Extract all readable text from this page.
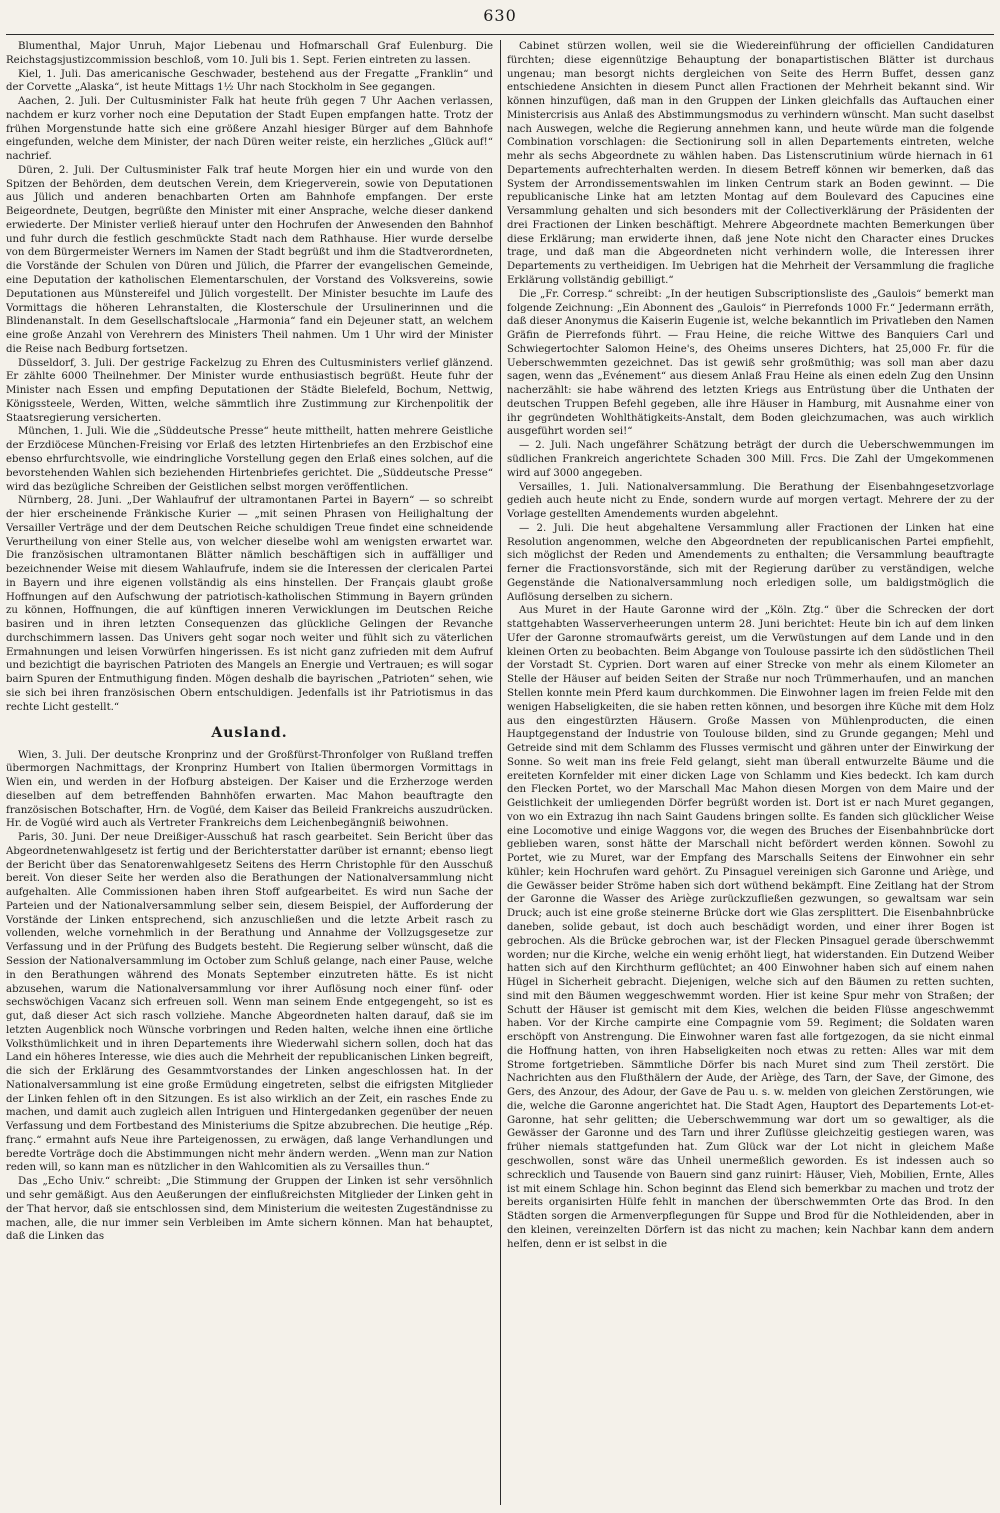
630

Blumenthal, Major Unruh, Major Liebenau und Hofmarschall Graf Eulenburg. Die Reichstagsjustizcommission beschloß, vom 10. Juli bis 1. Sept. Ferien eintreten zu lassen.

Kiel, 1. Juli. Das americanische Geschwader, bestehend aus der Fregatte „Franklin“ und der Corvette „Alaska“, ist heute Mittags 1½ Uhr nach Stockholm in See gegangen.

Aachen, 2. Juli. Der Cultusminister Falk hat heute früh gegen 7 Uhr Aachen verlassen, nachdem er kurz vorher noch eine Deputation der Stadt Eupen empfangen hatte. Trotz der frühen Morgenstunde hatte sich eine größere Anzahl hiesiger Bürger auf dem Bahnhofe eingefunden, welche dem Minister, der nach Düren weiter reiste, ein herzliches „Glück auf!“ nachrief.

Düren, 2. Juli. Der Cultusminister Falk traf heute Morgen hier ein und wurde von den Spitzen der Behörden, dem deutschen Verein, dem Kriegerverein, sowie von Deputationen aus Jülich und anderen benachbarten Orten am Bahnhofe empfangen. Der erste Beigeordnete, Deutgen, begrüßte den Minister mit einer Ansprache, welche dieser dankend erwiederte. Der Minister verließ hierauf unter den Hochrufen der Anwesenden den Bahnhof und fuhr durch die festlich geschmückte Stadt nach dem Rathhause. Hier wurde derselbe von dem Bürgermeister Werners im Namen der Stadt begrüßt und ihm die Stadtverordneten, die Vorstände der Schulen von Düren und Jülich, die Pfarrer der evangelischen Gemeinde, eine Deputation der katholischen Elementarschulen, der Vorstand des Volksvereins, sowie Deputationen aus Münstereifel und Jülich vorgestellt. Der Minister besuchte im Laufe des Vormittags die höheren Lehranstalten, die Klosterschule der Ursulinerinnen und die Blindenanstalt. In dem Gesellschaftslocale „Harmonia“ fand ein Dejeuner statt, an welchem eine große Anzahl von Verehrern des Ministers Theil nahmen. Um 1 Uhr wird der Minister die Reise nach Bedburg fortsetzen.

Düsseldorf, 3. Juli. Der gestrige Fackelzug zu Ehren des Cultusministers verlief glänzend. Er zählte 6000 Theilnehmer. Der Minister wurde enthusiastisch begrüßt. Heute fuhr der Minister nach Essen und empfing Deputationen der Städte Bielefeld, Bochum, Nettwig, Königssteele, Werden, Witten, welche sämmtlich ihre Zustimmung zur Kirchenpolitik der Staatsregierung versicherten.

München, 1. Juli. Wie die „Süddeutsche Presse“ heute mittheilt, hatten mehrere Geistliche der Erzdiöcese München-Freising vor Erlaß des letzten Hirtenbriefes an den Erzbischof eine ebenso ehrfurchtsvolle, wie eindringliche Vorstellung gegen den Erlaß eines solchen, auf die bevorstehenden Wahlen sich beziehenden Hirtenbriefes gerichtet. Die „Süddeutsche Presse“ wird das bezügliche Schreiben der Geistlichen selbst morgen veröffentlichen.

Nürnberg, 28. Juni. „Der Wahlaufruf der ultramontanen Partei in Bayern“ — so schreibt der hier erscheinende Fränkische Kurier — „mit seinen Phrasen von Heilighaltung der Versailler Verträge und der dem Deutschen Reiche schuldigen Treue findet eine schneidende Verurtheilung von einer Stelle aus, von welcher dieselbe wohl am wenigsten erwartet war. Die französischen ultramontanen Blätter nämlich beschäftigen sich in auffälliger und bezeichnender Weise mit diesem Wahlaufrufe, indem sie die Interessen der clericalen Partei in Bayern und ihre eigenen vollständig als eins hinstellen. Der Français glaubt große Hoffnungen auf den Aufschwung der patriotisch-katholischen Stimmung in Bayern gründen zu können, Hoffnungen, die auf künftigen inneren Verwicklungen im Deutschen Reiche basiren und in ihren letzten Consequenzen das glückliche Gelingen der Revanche durchschimmern lassen. Das Univers geht sogar noch weiter und fühlt sich zu väterlichen Ermahnungen und leisen Vorwürfen hingerissen. Es ist nicht ganz zufrieden mit dem Aufruf und bezichtigt die bayrischen Patrioten des Mangels an Energie und Vertrauen; es will sogar bairn Spuren der Entmuthigung finden. Mögen deshalb die bayrischen „Patrioten“ sehen, wie sie sich bei ihren französischen Obern entschuldigen. Jedenfalls ist ihr Patriotismus in das rechte Licht gestellt.“

Ausland.

Wien, 3. Juli. Der deutsche Kronprinz und der Großfürst-Thronfolger von Rußland treffen übermorgen Nachmittags, der Kronprinz Humbert von Italien übermorgen Vormittags in Wien ein, und werden in der Hofburg absteigen. Der Kaiser und die Erzherzoge werden dieselben auf dem betreffenden Bahnhöfen erwarten. Mac Mahon beauftragte den französischen Botschafter, Hrn. de Vogüé, dem Kaiser das Beileid Frankreichs auszudrücken. Hr. de Vogüé wird auch als Vertreter Frankreichs dem Leichenbegängniß beiwohnen.

Paris, 30. Juni. Der neue Dreißiger-Ausschuß hat rasch gearbeitet. Sein Bericht über das Abgeordnetenwahlgesetz ist fertig und der Berichterstatter darüber ist ernannt; ebenso liegt der Bericht über das Senatorenwahlgesetz Seitens des Herrn Christophle für den Ausschuß bereit. Von dieser Seite her werden also die Berathungen der Nationalversammlung nicht aufgehalten. Alle Commissionen haben ihren Stoff aufgearbeitet. Es wird nun Sache der Parteien und der Nationalversammlung selber sein, diesem Beispiel, der Aufforderung der Vorstände der Linken entsprechend, sich anzuschließen und die letzte Arbeit rasch zu vollenden, welche vornehmlich in der Berathung und Annahme der Vollzugsgesetze zur Verfassung und in der Prüfung des Budgets besteht. Die Regierung selber wünscht, daß die Session der Nationalversammlung im October zum Schluß gelange, nach einer Pause, welche in den Berathungen während des Monats September einzutreten hätte. Es ist nicht abzusehen, warum die Nationalversammlung vor ihrer Auflösung noch einer fünf- oder sechswöchigen Vacanz sich erfreuen soll. Wenn man seinem Ende entgegengeht, so ist es gut, daß dieser Act sich rasch vollziehe. Manche Abgeordneten halten darauf, daß sie im letzten Augenblick noch Wünsche vorbringen und Reden halten, welche ihnen eine örtliche Volksthümlichkeit und in ihren Departements ihre Wiederwahl sichern sollen, doch hat das Land ein höheres Interesse, wie dies auch die Mehrheit der republicanischen Linken begreift, die sich der Erklärung des Gesammtvorstandes der Linken angeschlossen hat. In der Nationalversammlung ist eine große Ermüdung eingetreten, selbst die eifrigsten Mitglieder der Linken fehlen oft in den Sitzungen. Es ist also wirklich an der Zeit, ein rasches Ende zu machen, und damit auch zugleich allen Intriguen und Hintergedanken gegenüber der neuen Verfassung und dem Fortbestand des Ministeriums die Spitze abzubrechen. Die heutige „Rép. franç.“ ermahnt aufs Neue ihre Parteigenossen, zu erwägen, daß lange Verhandlungen und beredte Vorträge doch die Abstimmungen nicht mehr ändern werden. „Wenn man zur Nation reden will, so kann man es nützlicher in den Wahlcomitien als zu Versailles thun.“

Das „Echo Univ.“ schreibt: „Die Stimmung der Gruppen der Linken ist sehr versöhnlich und sehr gemäßigt. Aus den Aeußerungen der einflußreichsten Mitglieder der Linken geht in der That hervor, daß sie entschlossen sind, dem Ministerium die weitesten Zugeständnisse zu machen, alle, die nur immer sein Verbleiben im Amte sichern können. Man hat behauptet, daß die Linken das

Cabinet stürzen wollen, weil sie die Wiedereinführung der officiellen Candidaturen fürchten; diese eigennützige Behauptung der bonapartistischen Blätter ist durchaus ungenau; man besorgt nichts dergleichen von Seite des Herrn Buffet, dessen ganz entschiedene Ansichten in diesem Punct allen Fractionen der Mehrheit bekannt sind. Wir können hinzufügen, daß man in den Gruppen der Linken gleichfalls das Auftauchen einer Ministercrisis aus Anlaß des Abstimmungsmodus zu verhindern wünscht. Man sucht daselbst nach Auswegen, welche die Regierung annehmen kann, und heute würde man die folgende Combination vorschlagen: die Sectionirung soll in allen Departements eintreten, welche mehr als sechs Abgeordnete zu wählen haben. Das Listenscrutinium würde hiernach in 61 Departements aufrechterhalten werden. In diesem Betreff können wir bemerken, daß das System der Arrondissementswahlen im linken Centrum stark an Boden gewinnt. — Die republicanische Linke hat am letzten Montag auf dem Boulevard des Capucines eine Versammlung gehalten und sich besonders mit der Collectiverklärung der Präsidenten der drei Fractionen der Linken beschäftigt. Mehrere Abgeordnete machten Bemerkungen über diese Erklärung; man erwiderte ihnen, daß jene Note nicht den Character eines Druckes trage, und daß man die Abgeordneten nicht verhindern wolle, die Interessen ihrer Departements zu vertheidigen. Im Uebrigen hat die Mehrheit der Versammlung die fragliche Erklärung vollständig gebilligt.“

Die „Fr. Corresp.“ schreibt: „In der heutigen Subscriptionsliste des „Gaulois“ bemerkt man folgende Zeichnung: „Ein Abonnent des „Gaulois“ in Pierrefonds 1000 Fr.“ Jedermann erräth, daß dieser Anonymus die Kaiserin Eugenie ist, welche bekanntlich im Privatleben den Namen Gräfin de Pierrefonds führt. — Frau Heine, die reiche Wittwe des Banquiers Carl und Schwiegertochter Salomon Heine's, des Oheims unseres Dichters, hat 25,000 Fr. für die Ueberschwemmten gezeichnet. Das ist gewiß sehr großmüthig; was soll man aber dazu sagen, wenn das „Evénement“ aus diesem Anlaß Frau Heine als einen edeln Zug den Unsinn nacherzählt: sie habe während des letzten Kriegs aus Entrüstung über die Unthaten der deutschen Truppen Befehl gegeben, alle ihre Häuser in Hamburg, mit Ausnahme einer von ihr gegründeten Wohlthätigkeits-Anstalt, dem Boden gleichzumachen, was auch wirklich ausgeführt worden sei!“

— 2. Juli. Nach ungefährer Schätzung beträgt der durch die Ueberschwemmungen im südlichen Frankreich angerichtete Schaden 300 Mill. Frcs. Die Zahl der Umgekommenen wird auf 3000 angegeben.

Versailles, 1. Juli. Nationalversammlung. Die Berathung der Eisenbahngesetzvorlage gedieh auch heute nicht zu Ende, sondern wurde auf morgen vertagt. Mehrere der zu der Vorlage gestellten Amendements wurden abgelehnt.

— 2. Juli. Die heut abgehaltene Versammlung aller Fractionen der Linken hat eine Resolution angenommen, welche den Abgeordneten der republicanischen Partei empfiehlt, sich möglichst der Reden und Amendements zu enthalten; die Versammlung beauftragte ferner die Fractionsvorstände, sich mit der Regierung darüber zu verständigen, welche Gegenstände die Nationalversammlung noch erledigen solle, um baldigstmöglich die Auflösung derselben zu sichern.

Aus Muret in der Haute Garonne wird der „Köln. Ztg.“ über die Schrecken der dort stattgehabten Wasserverheerungen unterm 28. Juni berichtet: Heute bin ich auf dem linken Ufer der Garonne stromaufwärts gereist, um die Verwüstungen auf dem Lande und in den kleinen Orten zu beobachten. Beim Abgange von Toulouse passirte ich den südöstlichen Theil der Vorstadt St. Cyprien. Dort waren auf einer Strecke von mehr als einem Kilometer an Stelle der Häuser auf beiden Seiten der Straße nur noch Trümmerhaufen, und an manchen Stellen konnte mein Pferd kaum durchkommen. Die Einwohner lagen im freien Felde mit den wenigen Habseligkeiten, die sie haben retten können, und besorgen ihre Küche mit dem Holz aus den eingestürzten Häusern. Große Massen von Mühlenproducten, die einen Hauptgegenstand der Industrie von Toulouse bilden, sind zu Grunde gegangen; Mehl und Getreide sind mit dem Schlamm des Flusses vermischt und gähren unter der Einwirkung der Sonne. So weit man ins freie Feld gelangt, sieht man überall entwurzelte Bäume und die ereiteten Kornfelder mit einer dicken Lage von Schlamm und Kies bedeckt. Ich kam durch den Flecken Portet, wo der Marschall Mac Mahon diesen Morgen von dem Maire und der Geistlichkeit der umliegenden Dörfer begrüßt worden ist. Dort ist er nach Muret gegangen, von wo ein Extrazug ihn nach Saint Gaudens bringen sollte. Es fanden sich glücklicher Weise eine Locomotive und einige Waggons vor, die wegen des Bruches der Eisenbahnbrücke dort geblieben waren, sonst hätte der Marschall nicht befördert werden können. Sowohl zu Portet, wie zu Muret, war der Empfang des Marschalls Seitens der Einwohner ein sehr kühler; kein Hochrufen ward gehört. Zu Pinsaguel vereinigen sich Garonne und Ariège, und die Gewässer beider Ströme haben sich dort wüthend bekämpft. Eine Zeitlang hat der Strom der Garonne die Wasser des Ariège zurückzufließen gezwungen, so gewaltsam war sein Druck; auch ist eine große steinerne Brücke dort wie Glas zersplittert. Die Eisenbahnbrücke daneben, solide gebaut, ist doch auch beschädigt worden, und einer ihrer Bogen ist gebrochen. Als die Brücke gebrochen war, ist der Flecken Pinsaguel gerade überschwemmt worden; nur die Kirche, welche ein wenig erhöht liegt, hat widerstanden. Ein Dutzend Weiber hatten sich auf den Kirchthurm geflüchtet; an 400 Einwohner haben sich auf einem nahen Hügel in Sicherheit gebracht. Diejenigen, welche sich auf den Bäumen zu retten suchten, sind mit den Bäumen weggeschwemmt worden. Hier ist keine Spur mehr von Straßen; der Schutt der Häuser ist gemischt mit dem Kies, welchen die beiden Flüsse angeschwemmt haben. Vor der Kirche campirte eine Compagnie vom 59. Regiment; die Soldaten waren erschöpft von Anstrengung. Die Einwohner waren fast alle fortgezogen, da sie nicht einmal die Hoffnung hatten, von ihren Habseligkeiten noch etwas zu retten: Alles war mit dem Strome fortgetrieben. Sämmtliche Dörfer bis nach Muret sind zum Theil zerstört. Die Nachrichten aus den Flußthälern der Aude, der Ariège, des Tarn, der Save, der Gimone, des Gers, des Anzour, des Adour, der Gave de Pau u. s. w. melden von gleichen Zerstörungen, wie die, welche die Garonne angerichtet hat. Die Stadt Agen, Hauptort des Departements Lot-et-Garonne, hat sehr gelitten; die Ueberschwemmung war dort um so gewaltiger, als die Gewässer der Garonne und des Tarn und ihrer Zuflüsse gleichzeitig gestiegen waren, was früher niemals stattgefunden hat. Zum Glück war der Lot nicht in gleichem Maße geschwollen, sonst wäre das Unheil unermeßlich geworden. Es ist indessen auch so schrecklich und Tausende von Bauern sind ganz ruinirt: Häuser, Vieh, Mobilien, Ernte, Alles ist mit einem Schlage hin. Schon beginnt das Elend sich bemerkbar zu machen und trotz der bereits organisirten Hülfe fehlt in manchen der überschwemmten Orte das Brod. In den Städten sorgen die Armenverpflegungen für Suppe und Brod für die Nothleidenden, aber in den kleinen, vereinzelten Dörfern ist das nicht zu machen; kein Nachbar kann dem andern helfen, denn er ist selbst in die
